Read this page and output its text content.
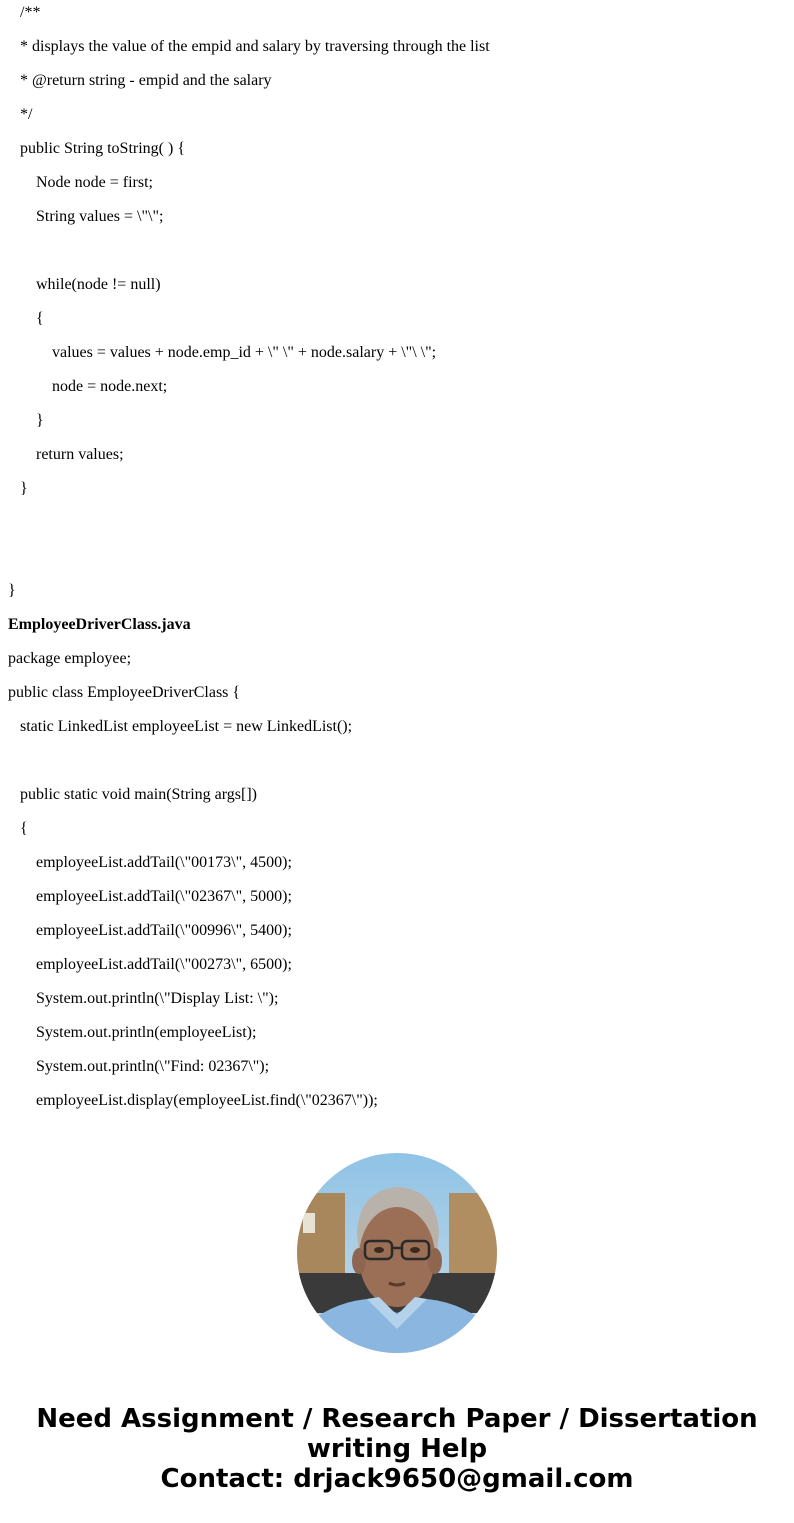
/**
* displays the value of the empid and salary by traversing through the list
* @return string - empid and the salary
*/
public String toString( ) {
Node node = first;
String values = \"\";
while(node != null)
{
values = values + node.emp_id + \" \" + node.salary + \"\ \";
node = node.next;
}
return values;
}
}
EmployeeDriverClass.java
package employee;
public class EmployeeDriverClass {
static LinkedList employeeList = new LinkedList();
public static void main(String args[])
{
employeeList.addTail(\"00173\", 4500);
employeeList.addTail(\"02367\", 5000);
employeeList.addTail(\"00996\", 5400);
employeeList.addTail(\"00273\", 6500);
System.out.println(\"Display List: \");
System.out.println(employeeList);
System.out.println(\"Find: 02367\");
employeeList.display(employeeList.find(\"02367\"));
Need Assignment / Research Paper / Dissertation
writing Help
Contact: drjack9650@gmail.com
